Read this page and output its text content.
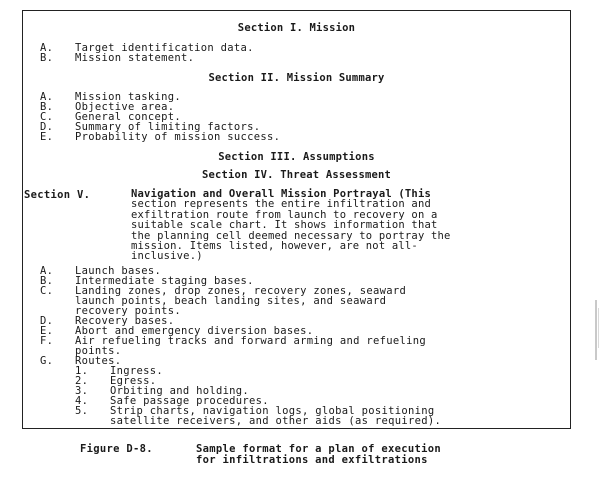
Section I. Mission
A. Target identification data.
B. Mission statement.
Section II. Mission Summary
A. Mission tasking.
B. Objective area.
C. General concept.
D. Summary of limiting factors.
E. Probability of mission success.
Section III. Assumptions
Section IV. Threat Assessment
Section V.	Navigation and Overall Mission Portrayal (This
section represents the entire infiltration and
exfiltration route from launch to recovery on a
suitable scale chart. It shows information that
the planning cell deemed necessary to portray the
mission. Items listed, however, are not all-
inclusive.)
A. Launch bases.
B. Intermediate staging bases.
C. Landing zones, drop zones, recovery zones, seaward
launch points, beach landing sites, and seaward
recovery points.
D. Recovery bases.
E. Abort and emergency diversion bases.
F. Air refueling tracks and forward arming and refueling
points.
G. Routes.
1. Ingress.
2. Egress.
3. Orbiting and holding.
4. Safe passage procedures.
5. Strip charts, navigation logs, global positioning
satellite receivers, and other aids (as required).
Figure D-8.	Sample format for a plan of execution
for infiltrations and exfiltrations
